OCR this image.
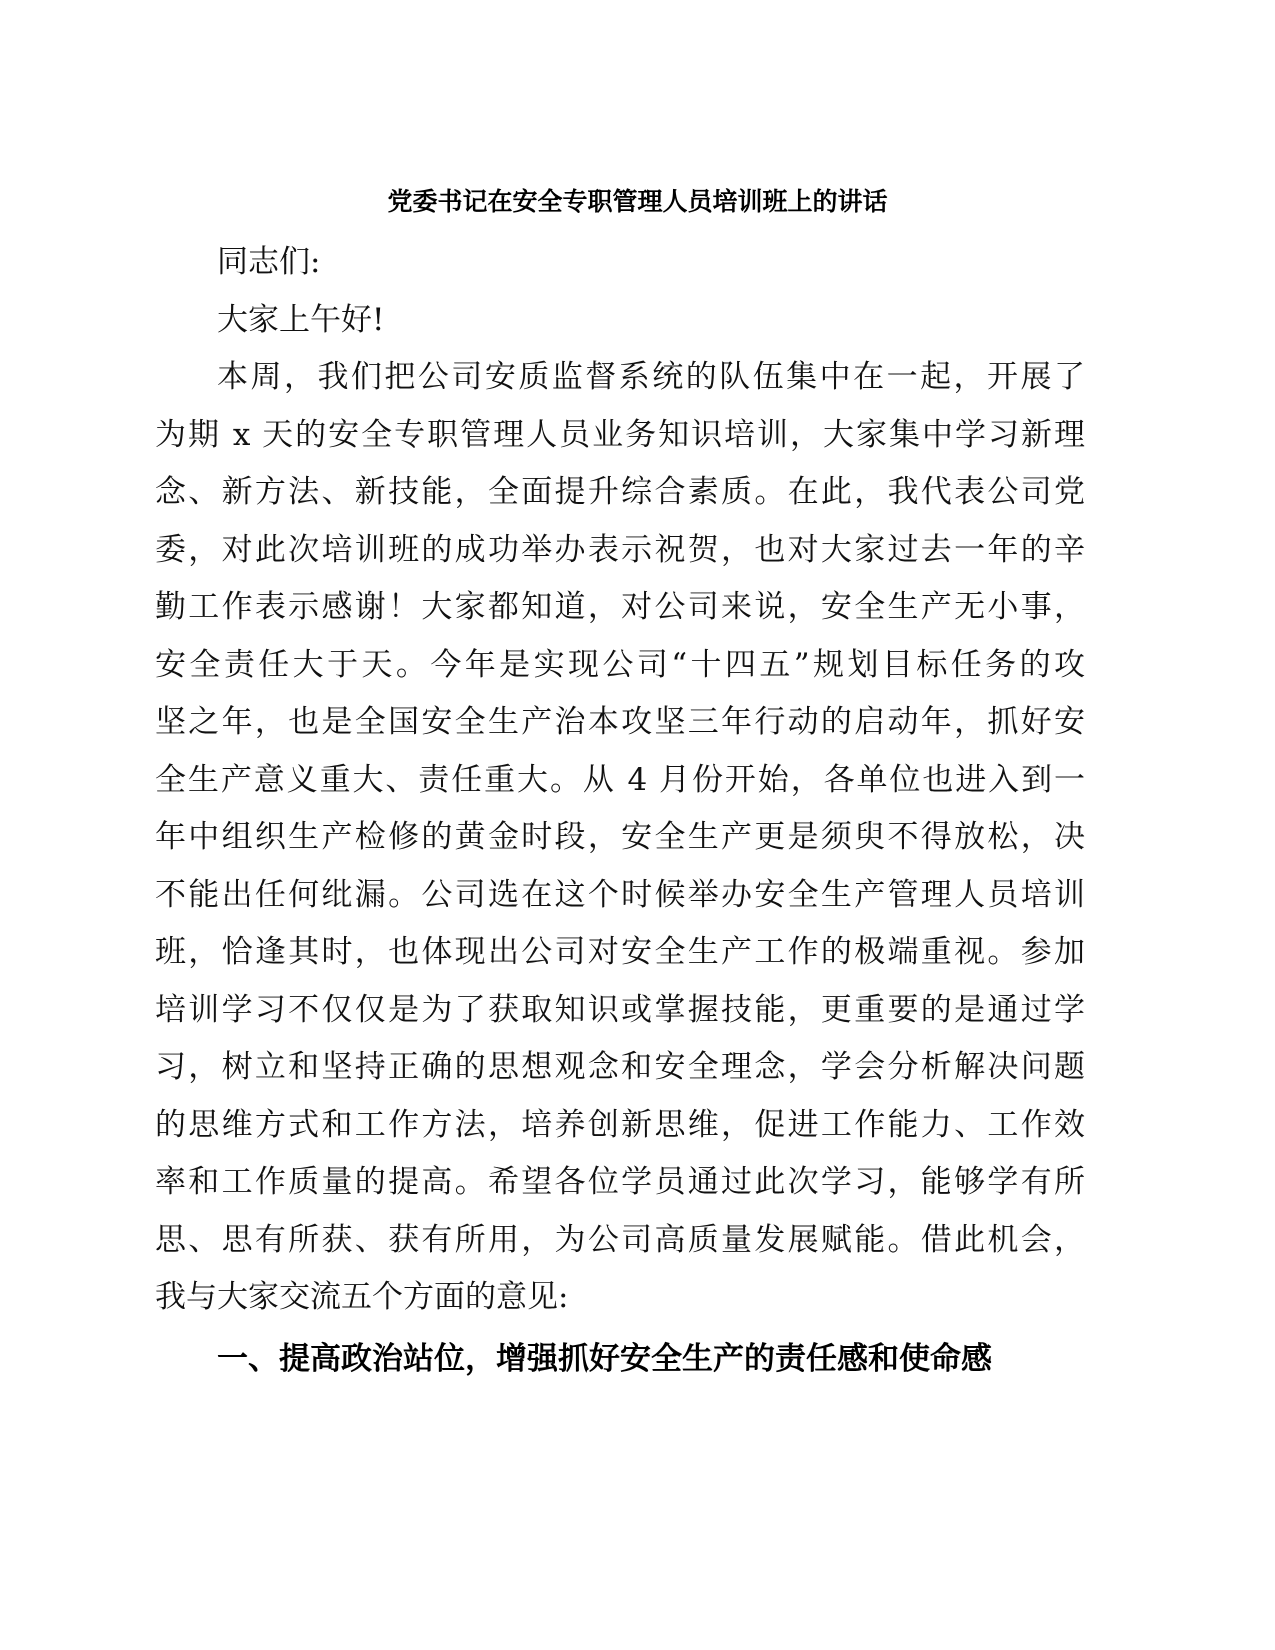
党委书记在安全专职管理人员培训班上的讲话
同志们:
大家上午好!
本周，我们把公司安质监督系统的队伍集中在一起，开展了
为期 x 天的安全专职管理人员业务知识培训，大家集中学习新理
念、新方法、新技能，全面提升综合素质。在此，我代表公司党
委，对此次培训班的成功举办表示祝贺，也对大家过去一年的辛
勤工作表示感谢！大家都知道，对公司来说，安全生产无小事，
安全责任大于天。今年是实现公司“十四五”规划目标任务的攻
坚之年，也是全国安全生产治本攻坚三年行动的启动年，抓好安
全生产意义重大、责任重大。从 4 月份开始，各单位也进入到一
年中组织生产检修的黄金时段，安全生产更是须臾不得放松，决
不能出任何纰漏。公司选在这个时候举办安全生产管理人员培训
班，恰逢其时，也体现出公司对安全生产工作的极端重视。参加
培训学习不仅仅是为了获取知识或掌握技能，更重要的是通过学
习，树立和坚持正确的思想观念和安全理念，学会分析解决问题
的思维方式和工作方法，培养创新思维，促进工作能力、工作效
率和工作质量的提高。希望各位学员通过此次学习，能够学有所
思、思有所获、获有所用，为公司高质量发展赋能。借此机会，
我与大家交流五个方面的意见:
一、提高政治站位，增强抓好安全生产的责任感和使命感
